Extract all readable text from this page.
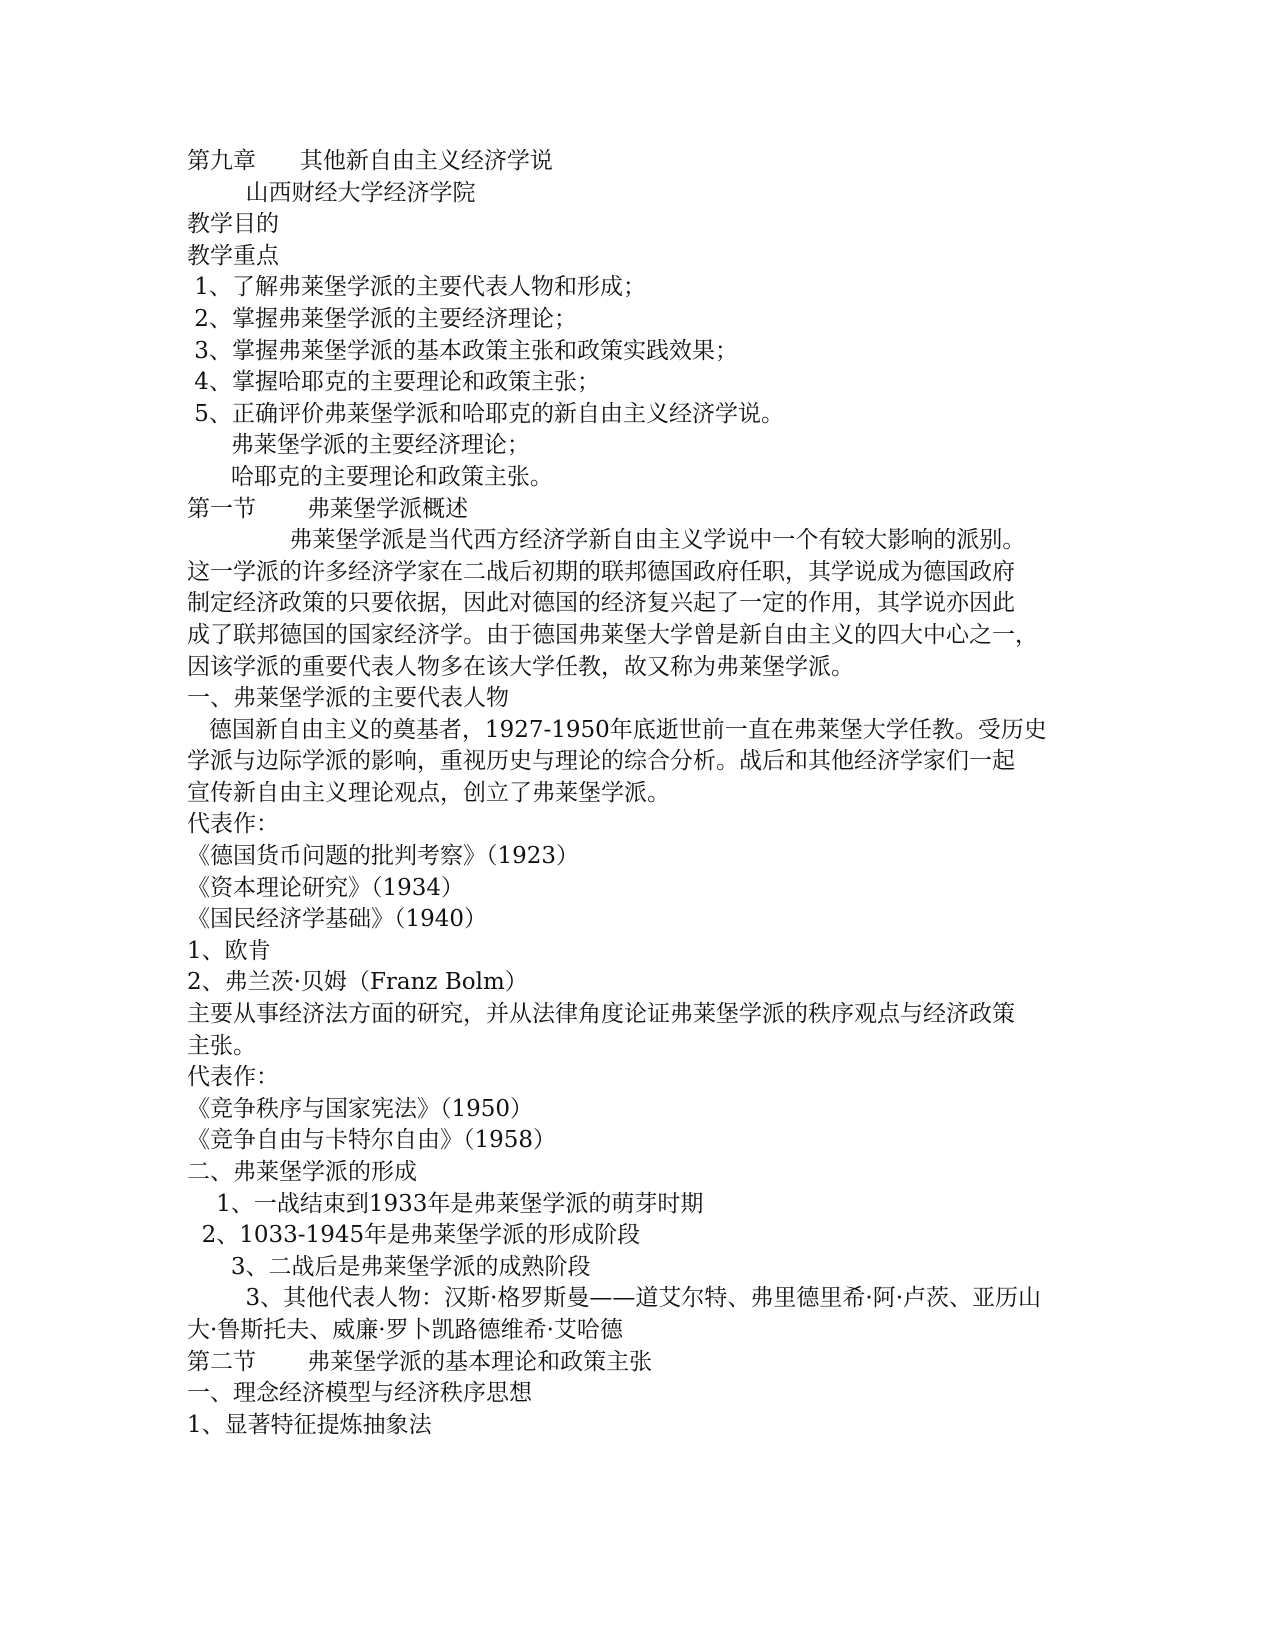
第九章      其他新自由主义经济学说

山西财经大学经济学院

教学目的

教学重点

1、了解弗莱堡学派的主要代表人物和形成；

2、掌握弗莱堡学派的主要经济理论；

3、掌握弗莱堡学派的基本政策主张和政策实践效果；

4、掌握哈耶克的主要理论和政策主张；

5、正确评价弗莱堡学派和哈耶克的新自由主义经济学说。

弗莱堡学派的主要经济理论；

哈耶克的主要理论和政策主张。

第一节       弗莱堡学派概述

弗莱堡学派是当代西方经济学新自由主义学说中一个有较大影响的派别。

这一学派的许多经济学家在二战后初期的联邦德国政府任职，其学说成为德国政府

制定经济政策的只要依据，因此对德国的经济复兴起了一定的作用，其学说亦因此

成了联邦德国的国家经济学。由于德国弗莱堡大学曾是新自由主义的四大中心之一，

因该学派的重要代表人物多在该大学任教，故又称为弗莱堡学派。

一、弗莱堡学派的主要代表人物

德国新自由主义的奠基者，1927-1950年底逝世前一直在弗莱堡大学任教。受历史

学派与边际学派的影响，重视历史与理论的综合分析。战后和其他经济学家们一起

宣传新自由主义理论观点，创立了弗莱堡学派。

代表作：

《德国货币问题的批判考察》（1923）

《资本理论研究》（1934）

《国民经济学基础》（1940）

1、欧肯

2、弗兰茨·贝姆（Franz Bolm）

主要从事经济法方面的研究，并从法律角度论证弗莱堡学派的秩序观点与经济政策

主张。

代表作：

《竞争秩序与国家宪法》（1950）

《竞争自由与卡特尔自由》（1958）

二、弗莱堡学派的形成

1、一战结束到1933年是弗莱堡学派的萌芽时期

2、1033-1945年是弗莱堡学派的形成阶段

3、二战后是弗莱堡学派的成熟阶段

3、其他代表人物：汉斯·格罗斯曼——道艾尔特、弗里德里希·阿·卢茨、亚历山

大·鲁斯托夫、威廉·罗卜凯路德维希·艾哈德

第二节       弗莱堡学派的基本理论和政策主张

一、理念经济模型与经济秩序思想

1、显著特征提炼抽象法
